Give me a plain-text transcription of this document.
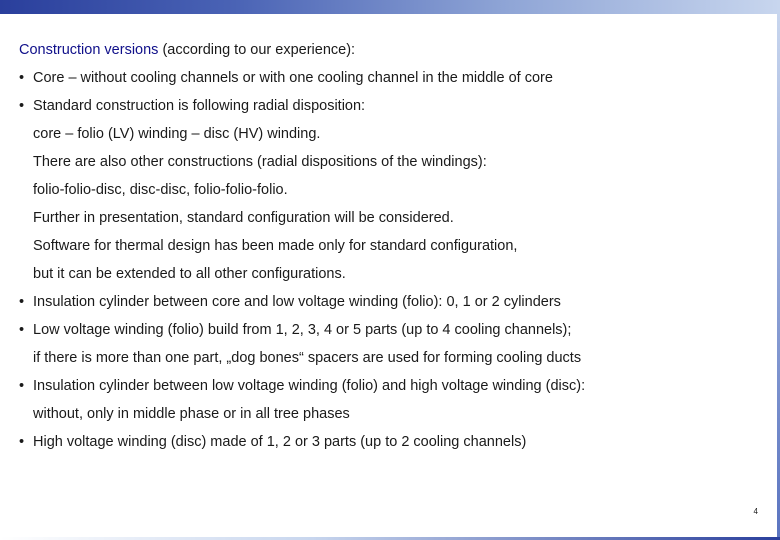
Construction versions (according to our experience):
• Core – without cooling channels or with one cooling channel in the middle of core
• Standard construction is following radial disposition:
core – folio (LV) winding – disc (HV) winding.
There are also other constructions (radial dispositions of the windings):
folio-folio-disc, disc-disc, folio-folio-folio.
Further in presentation, standard configuration will be considered.
Software for thermal design has been made only for standard configuration,
but it can be extended to all other configurations.
• Insulation cylinder between core and low voltage winding (folio): 0, 1 or 2 cylinders
• Low voltage winding (folio) build from 1, 2, 3, 4 or 5 parts (up to 4 cooling channels);
if there is more than one part, „dog bones“ spacers are used for forming cooling ducts
• Insulation cylinder between low voltage winding (folio) and high voltage winding (disc):
without, only in middle phase or in all tree phases
• High voltage winding (disc) made of 1, 2 or 3 parts (up to 2 cooling channels)
4
